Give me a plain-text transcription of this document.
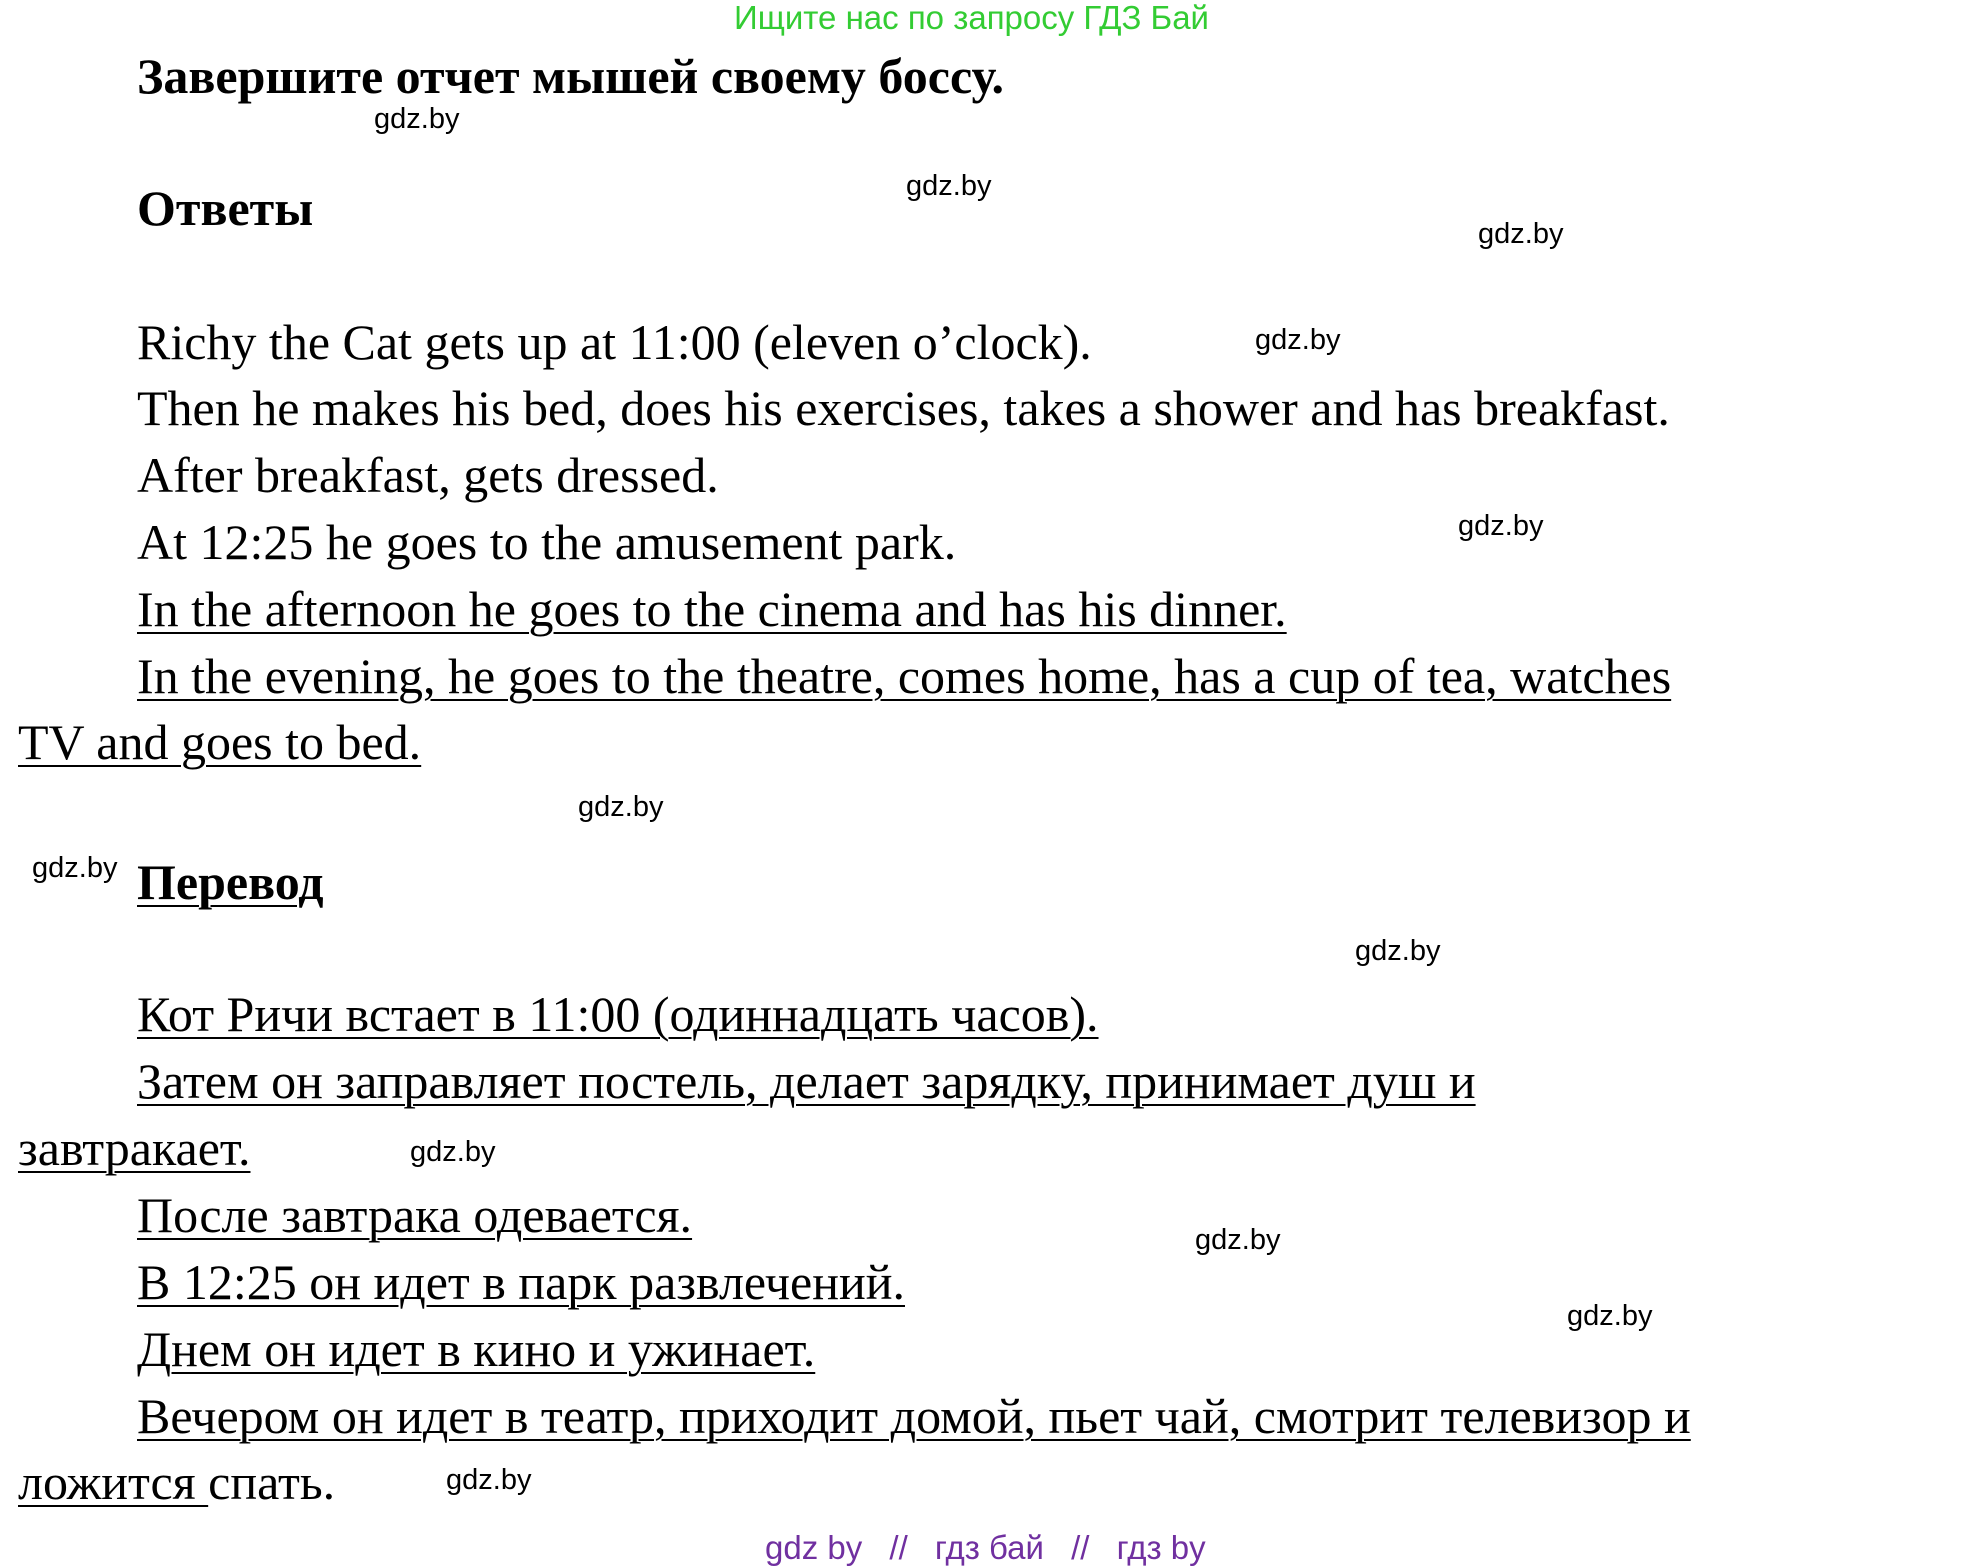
Ищите нас по запросу ГДЗ Бай
Завершите отчет мышей своему боссу.
Ответы
Richy the Cat gets up at 11:00 (eleven o’clock).
Then he makes his bed, does his exercises, takes a shower and has breakfast.
After breakfast, gets dressed.
At 12:25 he goes to the amusement park.
In the afternoon he goes to the cinema and has his dinner.
In the evening, he goes to the theatre, comes home, has a cup of tea, watches
TV and goes to bed.
Перевод
Кот Ричи встает в 11:00 (одиннадцать часов).
Затем он заправляет постель, делает зарядку, принимает душ и
завтракает.
После завтрака одевается.
В 12:25 он идет в парк развлечений.
Днем он идет в кино и ужинает.
Вечером он идет в театр, приходит домой, пьет чай, смотрит телевизор и
ложится спать.
gdz.by
gdz.by
gdz.by
gdz.by
gdz.by
gdz.by
gdz.by
gdz.by
gdz.by
gdz.by
gdz.by
gdz.by
gdz by // гдз бай // гдз by
